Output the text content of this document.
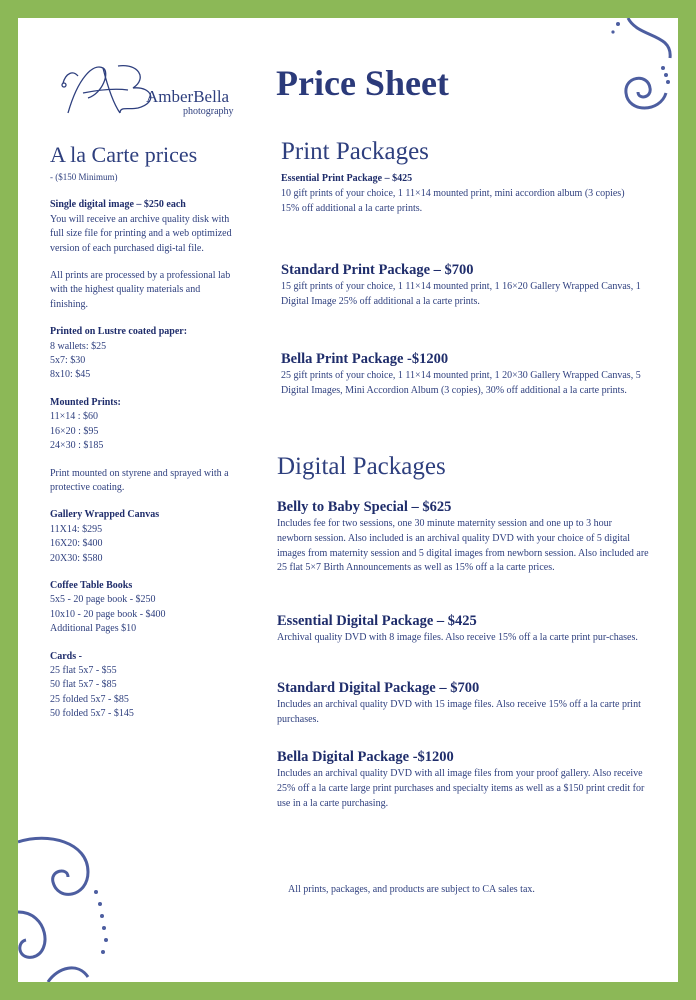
AmberBella
photography
Price Sheet
A la Carte prices
- ($150 Minimum)
Single digital image – $250 each
You will receive an archive quality disk with full size file for printing and a web optimized version of each purchased digi-tal file.
All prints are processed by a professional lab with the highest quality materials and finishing.
Printed on Lustre coated paper:
8 wallets: $25
5x7: $30
8x10: $45
Mounted Prints:
11×14 : $60
16×20 : $95
24×30 : $185
Print mounted on styrene and sprayed with a protective coating.
Gallery Wrapped Canvas
11X14: $295
16X20: $400
20X30: $580
Coffee Table Books
5x5 - 20 page book - $250
10x10 - 20 page book - $400
Additional Pages $10
Cards -
25 flat 5x7 - $55
50 flat 5x7 - $85
25 folded 5x7 - $85
50 folded 5x7 - $145
Print Packages
Essential Print Package – $425
10 gift prints of your choice, 1 11×14 mounted print, mini accordion album (3 copies) 15% off additional a la carte prints.
Standard Print Package – $700
15 gift prints of your choice, 1 11×14 mounted print, 1 16×20 Gallery Wrapped Canvas, 1 Digital Image 25% off additional a la carte prints.
Bella Print Package -$1200
25 gift prints of your choice, 1 11×14 mounted print, 1 20×30 Gallery Wrapped Canvas, 5 Digital Images, Mini Accordion Album (3 copies), 30% off additional a la carte prints.
Digital Packages
Belly to Baby Special – $625
Includes fee for two sessions, one 30 minute maternity session and one up to 3 hour newborn session. Also included is an archival quality DVD with your choice of 5 digital images from maternity session and 5 digital images from newborn session. Also included are 25 flat 5×7 Birth Announcements as well as 15% off a la carte prices.
Essential Digital Package – $425
Archival quality DVD with 8 image files. Also receive 15% off a la carte print pur-chases.
Standard Digital Package – $700
Includes an archival quality DVD with 15 image files. Also receive 15% off a la carte print purchases.
Bella Digital Package -$1200
Includes an archival quality DVD with all image files from your proof gallery. Also receive 25% off a la carte large print purchases and specialty items as well as a $150 print credit for use in a la carte purchasing.
All prints, packages, and products are subject to CA sales tax.
